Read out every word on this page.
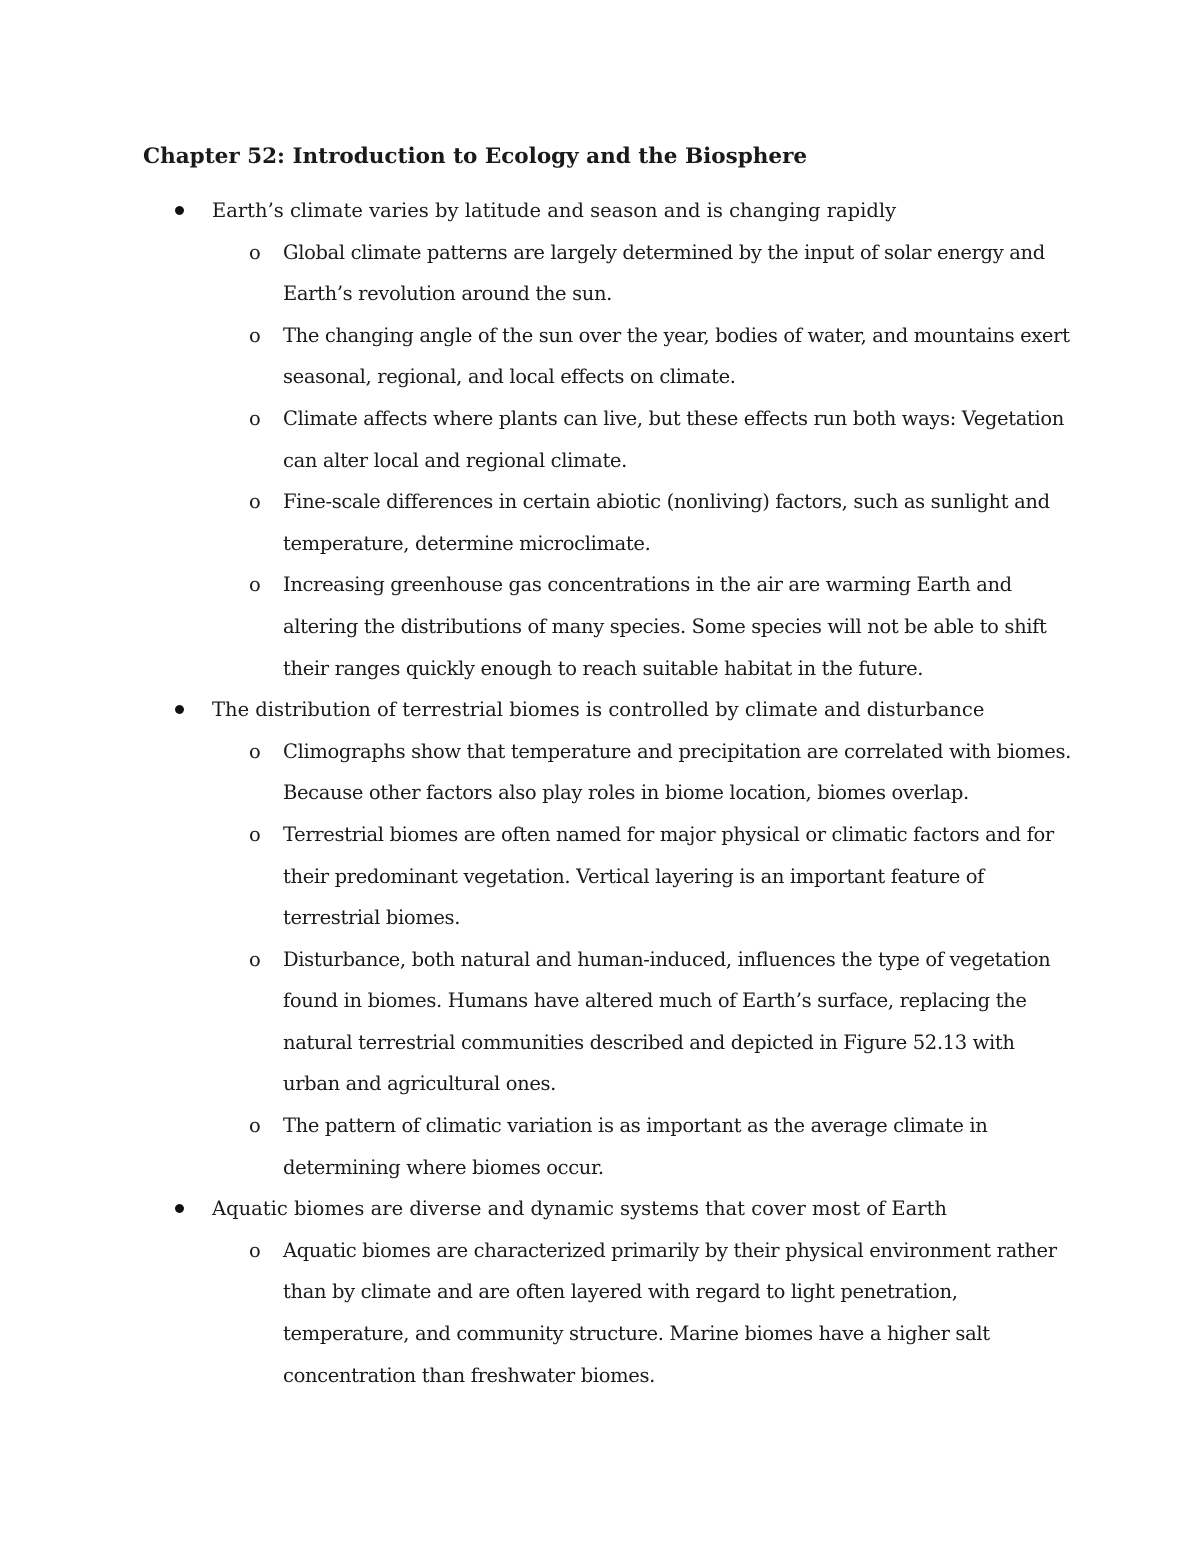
Chapter 52: Introduction to Ecology and the Biosphere
Earth’s climate varies by latitude and season and is changing rapidly
o Global climate patterns are largely determined by the input of solar energy and Earth’s revolution around the sun.
o The changing angle of the sun over the year, bodies of water, and mountains exert seasonal, regional, and local effects on climate.
o Climate affects where plants can live, but these effects run both ways: Vegetation can alter local and regional climate.
o Fine-scale differences in certain abiotic (nonliving) factors, such as sunlight and temperature, determine microclimate.
o Increasing greenhouse gas concentrations in the air are warming Earth and altering the distributions of many species. Some species will not be able to shift their ranges quickly enough to reach suitable habitat in the future.
The distribution of terrestrial biomes is controlled by climate and disturbance
o Climographs show that temperature and precipitation are correlated with biomes. Because other factors also play roles in biome location, biomes overlap.
o Terrestrial biomes are often named for major physical or climatic factors and for their predominant vegetation. Vertical layering is an important feature of terrestrial biomes.
o Disturbance, both natural and human-induced, influences the type of vegetation found in biomes. Humans have altered much of Earth’s surface, replacing the natural terrestrial communities described and depicted in Figure 52.13 with urban and agricultural ones.
o The pattern of climatic variation is as important as the average climate in determining where biomes occur.
Aquatic biomes are diverse and dynamic systems that cover most of Earth
o Aquatic biomes are characterized primarily by their physical environment rather than by climate and are often layered with regard to light penetration, temperature, and community structure. Marine biomes have a higher salt concentration than freshwater biomes.
